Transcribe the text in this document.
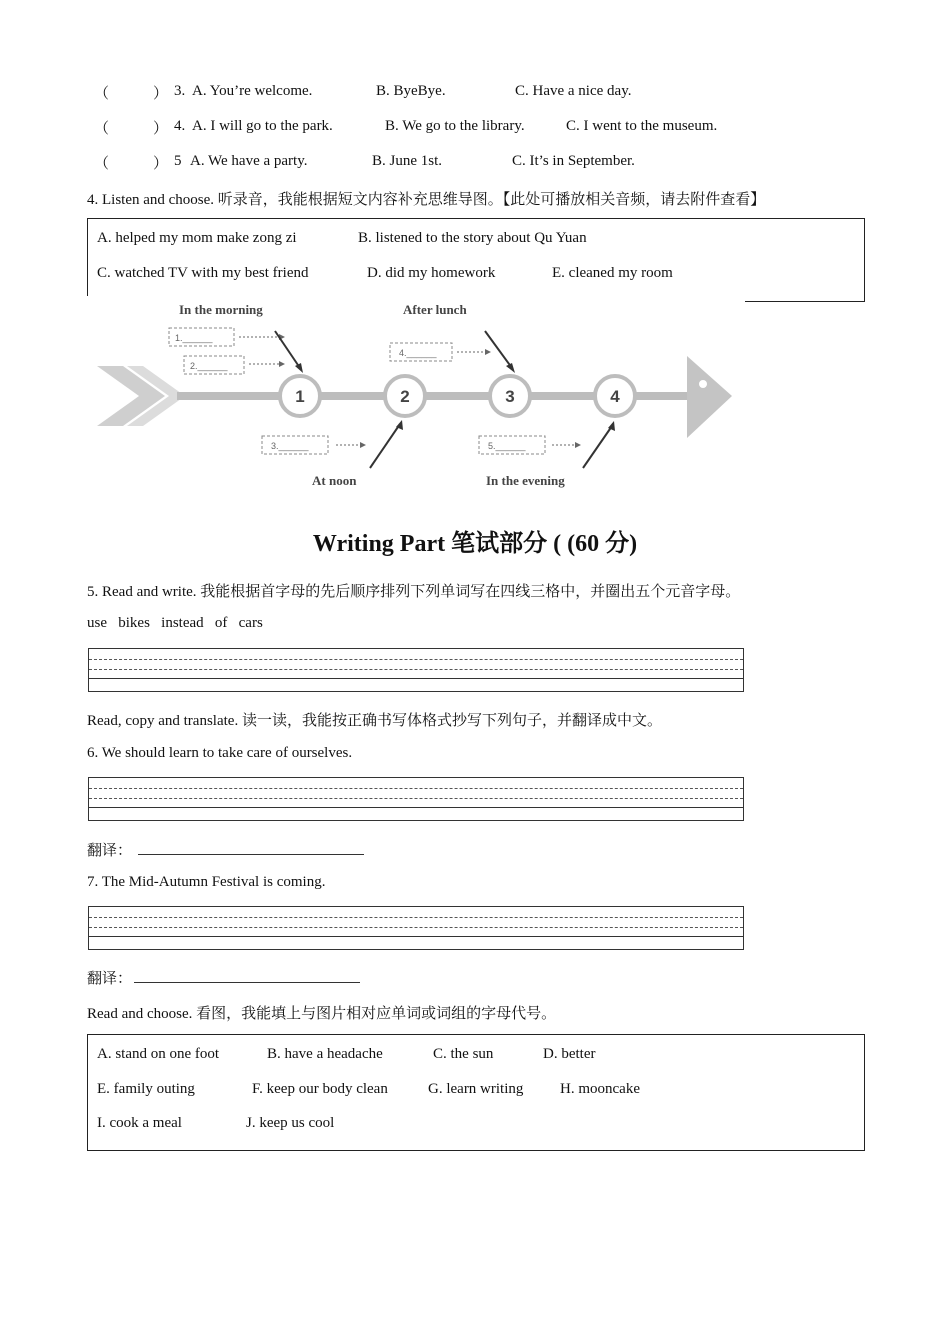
（	） 3. A. You’re welcome.	B. ByeBye.	C. Have a nice day.
（	） 4. A. I will go to the park.	B. We go to the library.	C. I went to the museum.
（	） 5 A. We have a party.	B. June 1st.	C. It’s in September.
4. Listen and choose. 听录音，我能根据短文内容补充思维导图。【此处可播放相关音频，请去附件查看】
A. helped my mom make zong zi	B. listened to the story about Qu Yuan
C. watched TV with my best friend	D. did my homework	E. cleaned my room
1	2	3	4
In the morning	After lunch
At noon	In the evening
1.______
2.______
4.______
3.______	5.______
Writing Part 笔试部分 ( (60 分)
5. Read and write. 我能根据首字母的先后顺序排列下列单词写在四线三格中，并圈出五个元音字母。
use   bikes   instead   of   cars
Read, copy and translate. 读一读，我能按正确书写体格式抄写下列句子，并翻译成中文。
6. We should learn to take care of ourselves.
翻译：
7. The Mid-Autumn Festival is coming.
翻译：
Read and choose. 看图，我能填上与图片相对应单词或词组的字母代号。
A. stand on one foot	B. have a headache	C. the sun	D. better
E. family outing	F. keep our body clean	G. learn writing H. mooncake
I. cook a meal	J. keep us cool
